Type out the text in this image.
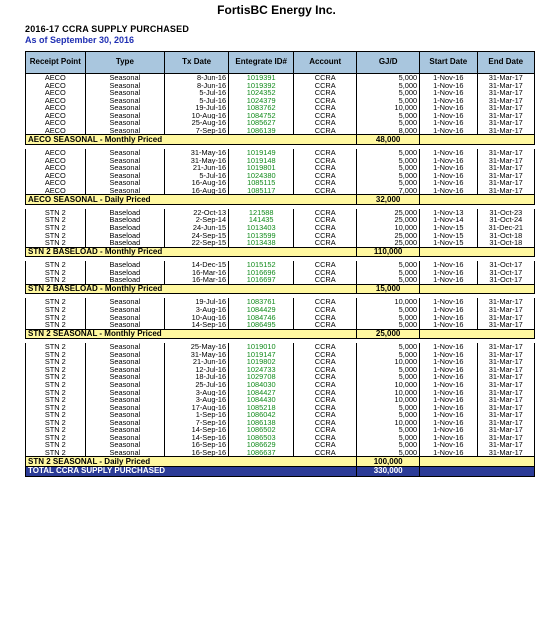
FortisBC Energy Inc.
2016-17 CCRA SUPPLY PURCHASED
As of September 30, 2016
Receipt Point	Type	Tx Date	Entegrate ID#	Account	GJ/D	Start Date	End Date
AECO	Seasonal	8-Jun-16	1019391	CCRA	5,000	1-Nov-16	31-Mar-17
AECO	Seasonal	8-Jun-16	1019392	CCRA	5,000	1-Nov-16	31-Mar-17
AECO	Seasonal	5-Jul-16	1024352	CCRA	5,000	1-Nov-16	31-Mar-17
AECO	Seasonal	5-Jul-16	1024379	CCRA	5,000	1-Nov-16	31-Mar-17
AECO	Seasonal	19-Jul-16	1083762	CCRA	10,000	1-Nov-16	31-Mar-17
AECO	Seasonal	10-Aug-16	1084752	CCRA	5,000	1-Nov-16	31-Mar-17
AECO	Seasonal	25-Aug-16	1085627	CCRA	5,000	1-Nov-16	31-Mar-17
AECO	Seasonal	7-Sep-16	1086139	CCRA	8,000	1-Nov-16	31-Mar-17
AECO SEASONAL - Monthly Priced					48,000		

AECO	Seasonal	31-May-16	1019149	CCRA	5,000	1-Nov-16	31-Mar-17
AECO	Seasonal	31-May-16	1019148	CCRA	5,000	1-Nov-16	31-Mar-17
AECO	Seasonal	21-Jun-16	1019801	CCRA	5,000	1-Nov-16	31-Mar-17
AECO	Seasonal	5-Jul-16	1024380	CCRA	5,000	1-Nov-16	31-Mar-17
AECO	Seasonal	16-Aug-16	1085115	CCRA	5,000	1-Nov-16	31-Mar-17
AECO	Seasonal	16-Aug-16	1085117	CCRA	7,000	1-Nov-16	31-Mar-17
AECO SEASONAL - Daily Priced					32,000		

STN 2	Baseload	22-Oct-13	121588	CCRA	25,000	1-Nov-13	31-Oct-23
STN 2	Baseload	2-Sep-14	141435	CCRA	25,000	1-Nov-14	31-Oct-24
STN 2	Baseload	24-Jun-15	1013403	CCRA	10,000	1-Nov-15	31-Dec-21
STN 2	Baseload	24-Sep-15	1013599	CCRA	25,000	1-Nov-15	31-Oct-18
STN 2	Baseload	22-Sep-15	1013438	CCRA	25,000	1-Nov-15	31-Oct-18
STN 2 BASELOAD - Monthly Priced					110,000		

STN 2	Baseload	14-Dec-15	1015152	CCRA	5,000	1-Nov-16	31-Oct-17
STN 2	Baseload	16-Mar-16	1016696	CCRA	5,000	1-Nov-16	31-Oct-17
STN 2	Baseload	16-Mar-16	1016697	CCRA	5,000	1-Nov-16	31-Oct-17
STN 2 BASELOAD - Monthly Priced					15,000		

STN 2	Seasonal	19-Jul-16	1083761	CCRA	10,000	1-Nov-16	31-Mar-17
STN 2	Seasonal	3-Aug-16	1084429	CCRA	5,000	1-Nov-16	31-Mar-17
STN 2	Seasonal	10-Aug-16	1084746	CCRA	5,000	1-Nov-16	31-Mar-17
STN 2	Seasonal	14-Sep-16	1086495	CCRA	5,000	1-Nov-16	31-Mar-17
STN 2 SEASONAL - Monthly Priced					25,000		

STN 2	Seasonal	25-May-16	1019010	CCRA	5,000	1-Nov-16	31-Mar-17
STN 2	Seasonal	31-May-16	1019147	CCRA	5,000	1-Nov-16	31-Mar-17
STN 2	Seasonal	21-Jun-16	1019802	CCRA	10,000	1-Nov-16	31-Mar-17
STN 2	Seasonal	12-Jul-16	1024733	CCRA	5,000	1-Nov-16	31-Mar-17
STN 2	Seasonal	18-Jul-16	1029708	CCRA	5,000	1-Nov-16	31-Mar-17
STN 2	Seasonal	25-Jul-16	1084030	CCRA	10,000	1-Nov-16	31-Mar-17
STN 2	Seasonal	3-Aug-16	1084427	CCRA	10,000	1-Nov-16	31-Mar-17
STN 2	Seasonal	3-Aug-16	1084430	CCRA	10,000	1-Nov-16	31-Mar-17
STN 2	Seasonal	17-Aug-16	1085218	CCRA	5,000	1-Nov-16	31-Mar-17
STN 2	Seasonal	1-Sep-16	1086042	CCRA	5,000	1-Nov-16	31-Mar-17
STN 2	Seasonal	7-Sep-16	1086138	CCRA	10,000	1-Nov-16	31-Mar-17
STN 2	Seasonal	14-Sep-16	1086502	CCRA	5,000	1-Nov-16	31-Mar-17
STN 2	Seasonal	14-Sep-16	1086503	CCRA	5,000	1-Nov-16	31-Mar-17
STN 2	Seasonal	16-Sep-16	1086629	CCRA	5,000	1-Nov-16	31-Mar-17
STN 2	Seasonal	16-Sep-16	1086637	CCRA	5,000	1-Nov-16	31-Mar-17
STN 2 SEASONAL - Daily Priced					100,000		
TOTAL CCRA SUPPLY PURCHASED					330,000		
